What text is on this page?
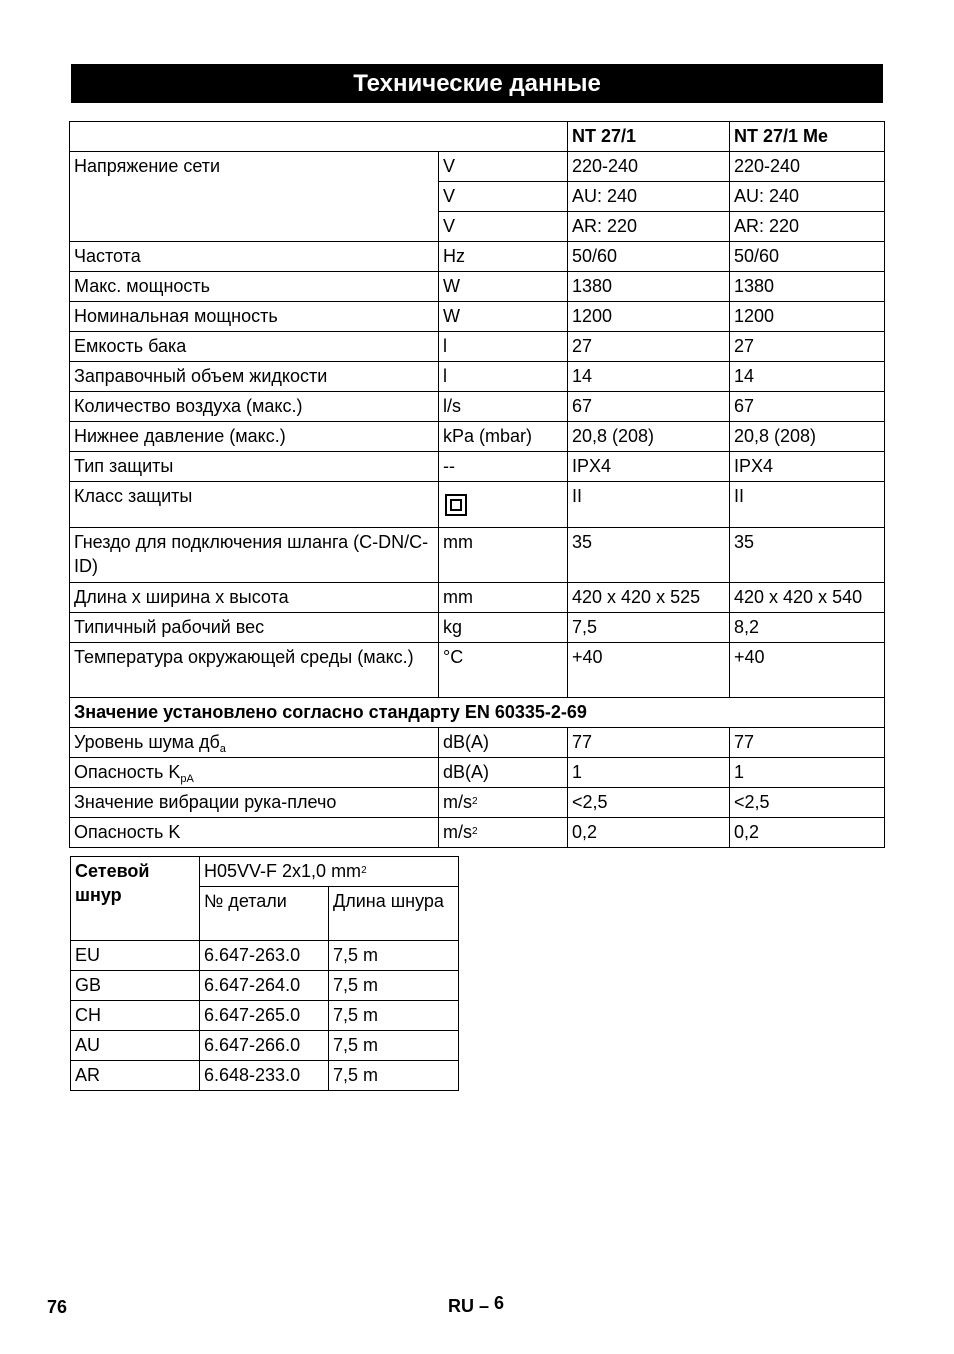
Технические данные
		NT 27/1	NT 27/1 Me
Напряжение сети	V	220-240	220-240
	V	AU: 240	AU: 240
	V	AR: 220	AR: 220
Частота	Hz	50/60	50/60
Макс. мощность	W	1380	1380
Номинальная мощность	W	1200	1200
Емкость бака	l	27	27
Заправочный объем жидкости	l	14	14
Количество воздуха (макс.)	l/s	67	67
Нижнее давление (макс.)	kPa (mbar)	20,8 (208)	20,8 (208)
Тип защиты	--	IPX4	IPX4
Класс защиты		II	II
Гнездо для подключения шланга (C-DN/C-ID)	mm	35	35
Длина x ширина x высота	mm	420 x 420 x 525	420 x 420 x 540
Типичный рабочий вес	kg	7,5	8,2
Температура окружающей среды (макс.)	°C	+40	+40
Значение установлено согласно стандарту EN 60335-2-69			
Уровень шума $дб_a$	dB(A)	77	77
Опасность $K_{pA}$	dB(A)	1	1
Значение вибрации рука-плечо	$m/s^2$	<2,5	<2,5
Опасность K	$m/s^2$	0,2	0,2
Сетевой шнур	H05VV-F 2x1,0 $mm^2$
	№ детали	Длина шнура
EU	6.647-263.0	7,5 m
GB	6.647-264.0	7,5 m
CH	6.647-265.0	7,5 m
AU	6.647-266.0	7,5 m
AR	6.648-233.0	7,5 m
76	RU – $^6$
